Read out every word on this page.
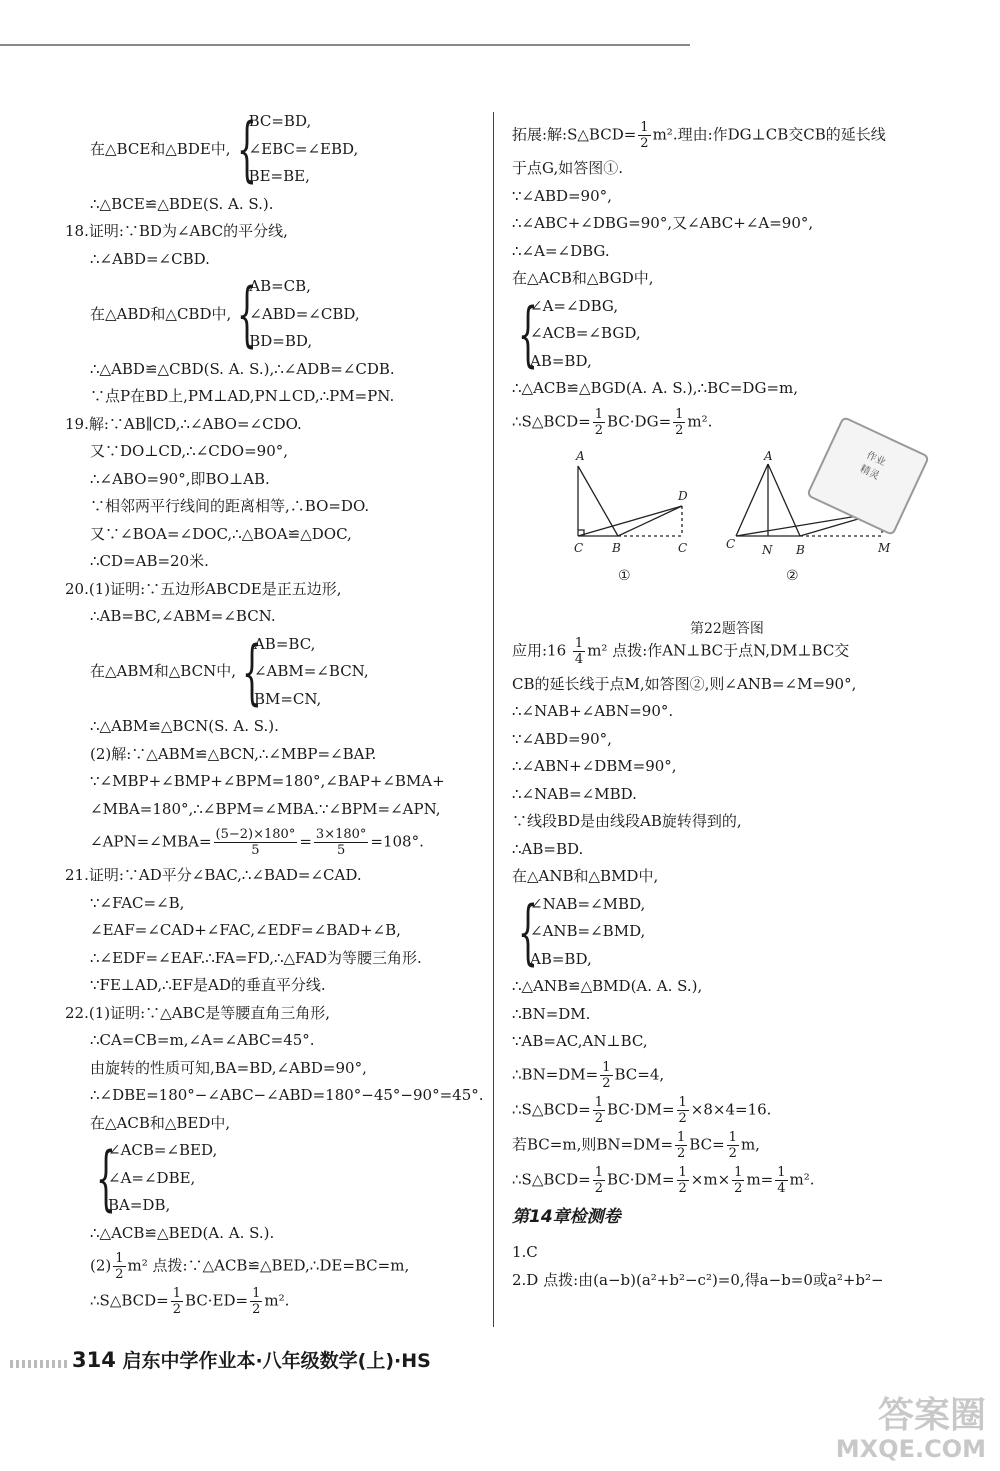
在△BCE和△BDE中, {
BC=BD,
∠EBC=∠EBD,
BE=BE,
∴△BCE≌△BDE(S. A. S.).
18.证明:∵BD为∠ABC的平分线,
∴∠ABD=∠CBD.
在△ABD和△CBD中, {
AB=CB,
∠ABD=∠CBD,
BD=BD,
∴△ABD≌△CBD(S. A. S.),∴∠ADB=∠CDB.
∵点P在BD上,PM⊥AD,PN⊥CD,∴PM=PN.
19.解:∵AB∥CD,∴∠ABO=∠CDO.
又∵DO⊥CD,∴∠CDO=90°,
∴∠ABO=90°,即BO⊥AB.
∵相邻两平行线间的距离相等,∴BO=DO.
又∵∠BOA=∠DOC,∴△BOA≌△DOC,
∴CD=AB=20米.
20.(1)证明:∵五边形ABCDE是正五边形,
∴AB=BC,∠ABM=∠BCN.
在△ABM和△BCN中, {
AB=BC,
∠ABM=∠BCN,
BM=CN,
∴△ABM≌△BCN(S. A. S.).
(2)解:∵△ABM≌△BCN,∴∠MBP=∠BAP.
∵∠MBP+∠BMP+∠BPM=180°,∠BAP+∠BMA+
∠MBA=180°,∴∠BPM=∠MBA.∵∠BPM=∠APN,
∠APN=∠MBA= $\frac{(5-2)\times 180^\circ}{5} = \frac{3\times 180^\circ}{5} =108^\circ$.
21.证明:∵AD平分∠BAC,∴∠BAD=∠CAD.
∵∠FAC=∠B,
∠EAF=∠CAD+∠FAC,∠EDF=∠BAD+∠B,
∴∠EDF=∠EAF.∴FA=FD,∴△FAD为等腰三角形.
∵FE⊥AD,∴EF是AD的垂直平分线.
22.(1)证明:∵△ABC是等腰直角三角形,
∴CA=CB=m,∠A=∠ABC=45°.
由旋转的性质可知,BA=BD,∠ABD=90°,
∴∠DBE=180°−∠ABC−∠ABD=180°−45°−90°=45°.
在△ACB和△BED中,
{
∠ACB=∠BED,
∠A=∠DBE,
BA=DB,
∴△ACB≌△BED(A. A. S.).
$(2) \frac{1}{2} m^2$ 点拨:∵△ACB≌△BED,∴DE=BC=m,
∴S△BCD= $\frac{1}{2} BC\cdot ED= \frac{1}{2} m^2$.
拓展:解:S△BCD= $\frac{1}{2} m^2$.理由:作DG⊥CB交CB的延长线
于点G,如答图①.
∵∠ABD=90°,
∴∠ABC+∠DBG=90°,又∠ABC+∠A=90°,
∴∠A=∠DBG.
在△ACB和△BGD中,
{
∠A=∠DBG,
∠ACB=∠BGD,
AB=BD,
∴△ACB≌△BGD(A. A. S.),∴BC=DG=m,
∴S△BCD= $\frac{1}{2} BC\cdot DG= \frac{1}{2} m^2$.
应用:16 $\frac{1}{4} m^2$ 点拨:作AN⊥BC于点N,DM⊥BC交
CB的延长线于点M,如答图②,则∠ANB=∠M=90°,
∴∠NAB+∠ABN=90°.
∵∠ABD=90°,
∴∠ABN+∠DBM=90°,
∴∠NAB=∠MBD.
∵线段BD是由线段AB旋转得到的,
∴AB=BD.
在△ANB和△BMD中,
{
∠NAB=∠MBD,
∠ANB=∠BMD,
AB=BD,
∴△ANB≌△BMD(A. A. S.),
∴BN=DM.
∵AB=AC,AN⊥BC,
∴BN=DM= $\frac{1}{2} BC=4$,
∴S△BCD= $\frac{1}{2} BC\cdot DM= \frac{1}{2} \times 8\times 4=16$.
若BC=m,则$BN=DM= \frac{1}{2} BC= \frac{1}{2} m$,
∴S△BCD= $\frac{1}{2} BC\cdot DM= \frac{1}{2} \times m\times \frac{1}{2} m= \frac{1}{4} m^2$.
第14章检测卷
1.C
2.D 点拨:由(a−b)(a²+b²−c²)=0,得a−b=0或a²+b²−
A
C B	C
D
A
C N B	M
①	②
第22题答图
作业
精灵
314 启东中学作业本·八年级数学(上)·HS
答案圈
MXQE.COM
